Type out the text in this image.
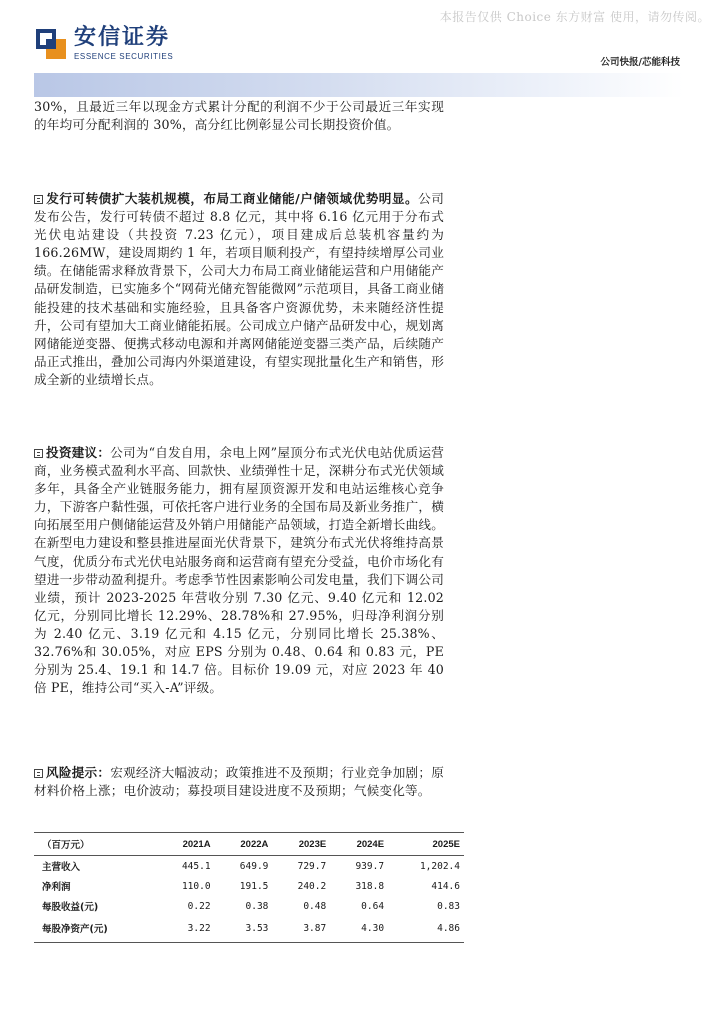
本报告仅供 Choice 东方财富 使用，请勿传阅。
安信证券
ESSENCE SECURITIES
公司快报/芯能科技

30%，且最近三年以现金方式累计分配的利润不少于公司最近三年实现的年均可分配利润的 30%，高分红比例彰显公司长期投资价值。

发行可转债扩大装机规模，布局工商业储能/户储领域优势明显。公司发布公告，发行可转债不超过 8.8 亿元，其中将 6.16 亿元用于分布式光伏电站建设（共投资 7.23 亿元），项目建成后总装机容量约为 166.26MW，建设周期约 1 年，若项目顺利投产，有望持续增厚公司业绩。在储能需求释放背景下，公司大力布局工商业储能运营和户用储能产品研发制造，已实施多个“网荷光储充智能微网”示范项目，具备工商业储能投建的技术基础和实施经验，且具备客户资源优势，未来随经济性提升，公司有望加大工商业储能拓展。公司成立户储产品研发中心，规划离网储能逆变器、便携式移动电源和并离网储能逆变器三类产品，后续随产品正式推出，叠加公司海内外渠道建设，有望实现批量化生产和销售，形成全新的业绩增长点。

投资建议：公司为“自发自用，余电上网”屋顶分布式光伏电站优质运营商，业务模式盈利水平高、回款快、业绩弹性十足，深耕分布式光伏领域多年，具备全产业链服务能力，拥有屋顶资源开发和电站运维核心竞争力，下游客户黏性强，可依托客户进行业务的全国布局及新业务推广，横向拓展至用户侧储能运营及外销户用储能产品领域，打造全新增长曲线。在新型电力建设和整县推进屋面光伏背景下，建筑分布式光伏将维持高景气度，优质分布式光伏电站服务商和运营商有望充分受益，电价市场化有望进一步带动盈利提升。考虑季节性因素影响公司发电量，我们下调公司业绩，预计 2023-2025 年营收分别 7.30 亿元、9.40 亿元和 12.02 亿元，分别同比增长 12.29%、28.78%和 27.95%，归母净利润分别为 2.40 亿元、3.19 亿元和 4.15 亿元，分别同比增长 25.38%、32.76%和 30.05%，对应 EPS 分别为 0.48、0.64 和 0.83 元，PE 分别为 25.4、19.1 和 14.7 倍。目标价 19.09 元，对应 2023 年 40 倍 PE，维持公司“买入-A”评级。

风险提示：宏观经济大幅波动；政策推进不及预期；行业竞争加剧；原材料价格上涨；电价波动；募投项目建设进度不及预期；气候变化等。

（百万元）	2021A	2022A	2023E	2024E	2025E
主营收入	445.1	649.9	729.7	939.7	1,202.4
净利润	110.0	191.5	240.2	318.8	414.6
每股收益(元)	0.22	0.38	0.48	0.64	0.83
每股净资产(元)	3.22	3.53	3.87	4.30	4.86
